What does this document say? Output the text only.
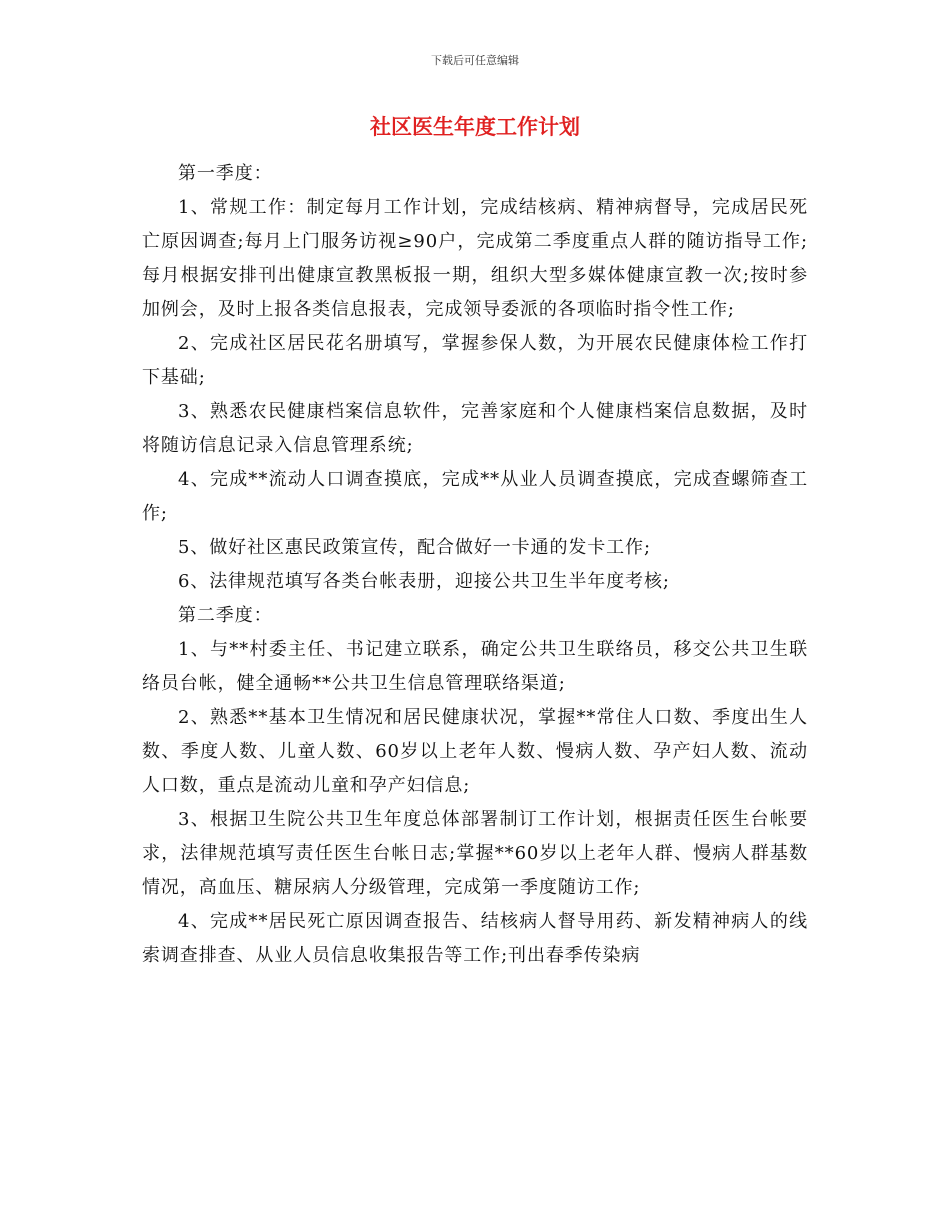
下载后可任意编辑
社区医生年度工作计划

第一季度：

1、常规工作：制定每月工作计划，完成结核病、精神病督导，完成居民死亡原因调查;每月上门服务访视≥90户，完成第二季度重点人群的随访指导工作;每月根据安排刊出健康宣教黑板报一期，组织大型多媒体健康宣教一次;按时参加例会，及时上报各类信息报表，完成领导委派的各项临时指令性工作;

2、完成社区居民花名册填写，掌握参保人数，为开展农民健康体检工作打下基础;

3、熟悉农民健康档案信息软件，完善家庭和个人健康档案信息数据，及时将随访信息记录入信息管理系统;

4、完成**流动人口调查摸底，完成**从业人员调查摸底，完成查螺筛查工作;

5、做好社区惠民政策宣传，配合做好一卡通的发卡工作;

6、法律规范填写各类台帐表册，迎接公共卫生半年度考核;

第二季度：

1、与**村委主任、书记建立联系，确定公共卫生联络员，移交公共卫生联络员台帐，健全通畅**公共卫生信息管理联络渠道;

2、熟悉**基本卫生情况和居民健康状况，掌握**常住人口数、季度出生人数、季度人数、儿童人数、60岁以上老年人数、慢病人数、孕产妇人数、流动人口数，重点是流动儿童和孕产妇信息;

3、根据卫生院公共卫生年度总体部署制订工作计划，根据责任医生台帐要求，法律规范填写责任医生台帐日志;掌握**60岁以上老年人群、慢病人群基数情况，高血压、糖尿病人分级管理，完成第一季度随访工作;

4、完成**居民死亡原因调查报告、结核病人督导用药、新发精神病人的线索调查排查、从业人员信息收集报告等工作;刊出春季传染病
